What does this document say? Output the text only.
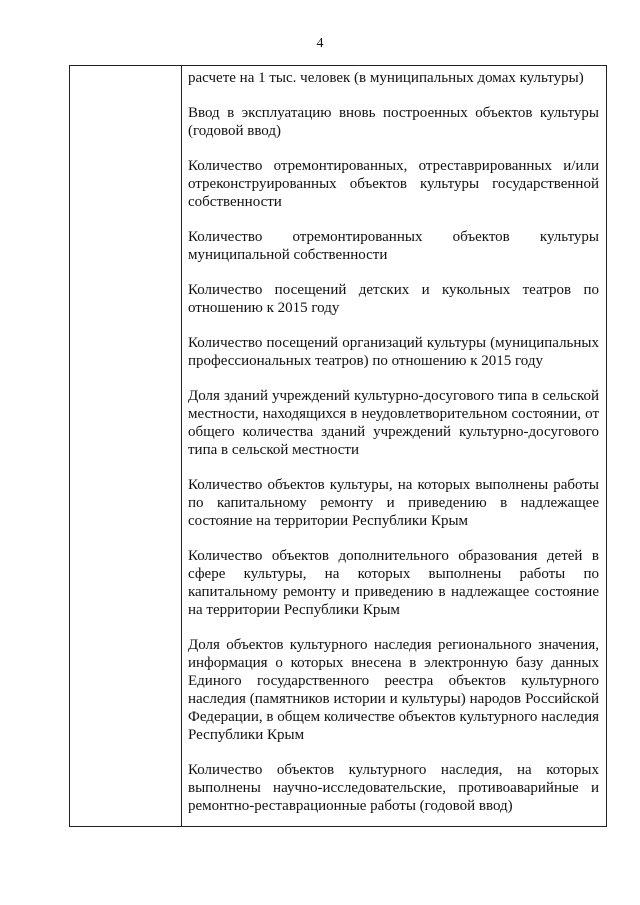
4

расчете на 1 тыс. человек (в муниципальных домах культуры)

Ввод в эксплуатацию вновь построенных объектов культуры (годовой ввод)

Количество отремонтированных, отреставрированных и/или отреконструированных объектов культуры государственной собственности

Количество отремонтированных объектов культуры муниципальной собственности

Количество посещений детских и кукольных театров по отношению к 2015 году

Количество посещений организаций культуры (муниципальных профессиональных театров) по отношению к 2015 году

Доля зданий учреждений культурно-досугового типа в сельской местности, находящихся в неудовлетворительном состоянии, от общего количества зданий учреждений культурно-досугового типа в сельской местности

Количество объектов культуры, на которых выполнены работы по капитальному ремонту и приведению в надлежащее состояние на территории Республики Крым

Количество объектов дополнительного образования детей в сфере культуры, на которых выполнены работы по капитальному ремонту и приведению в надлежащее состояние на территории Республики Крым

Доля объектов культурного наследия регионального значения, информация о которых внесена в электронную базу данных Единого государственного реестра объектов культурного наследия (памятников истории и культуры) народов Российской Федерации, в общем количестве объектов культурного наследия Республики Крым

Количество объектов культурного наследия, на которых выполнены научно-исследовательские, противоаварийные и ремонтно-реставрационные работы (годовой ввод)
